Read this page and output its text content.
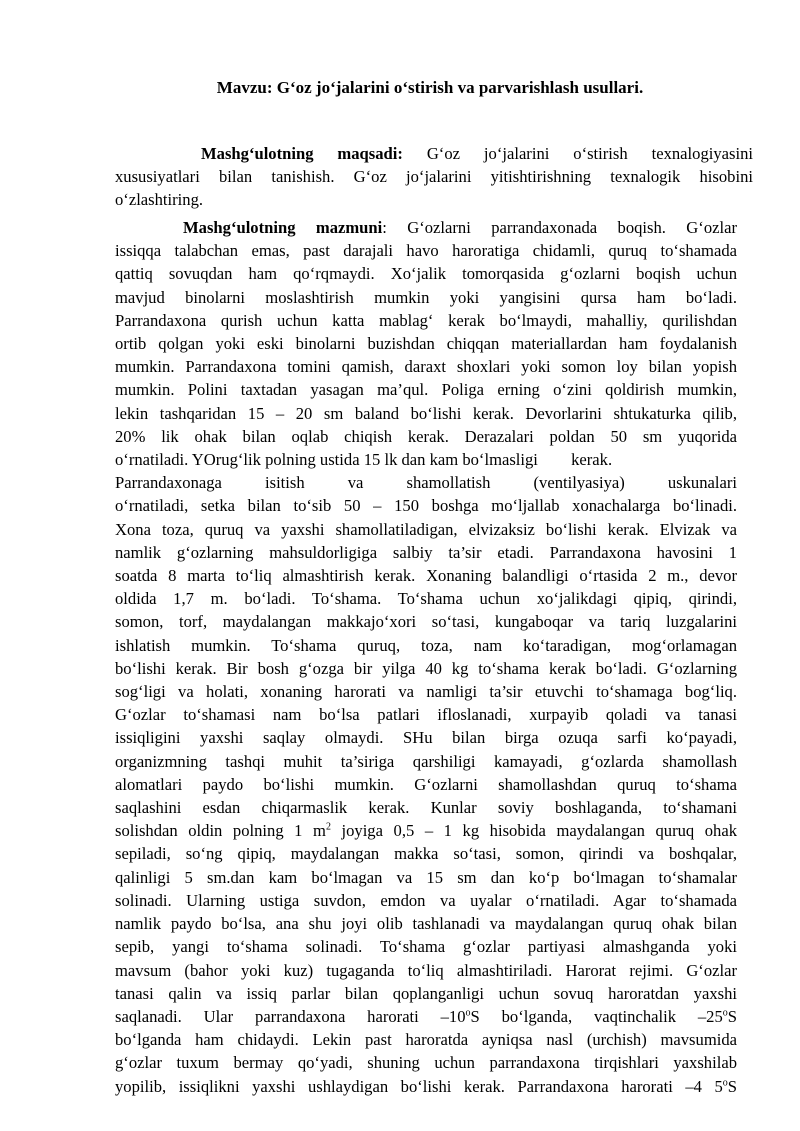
Mavzu: G‘oz jo‘jalarini o‘stirish va parvarishlash usullari.
Mashg‘ulotning maqsadi: G‘oz jo‘jalarini o‘stirish texnalogiyasini
xususiyatlari bilan tanishish. G‘oz jo‘jalarini yitishtirishning texnalogik hisobini
o‘zlashtiring.
Mashg‘ulotning mazmuni: G‘ozlarni parrandaxonada boqish. G‘ozlar
issiqqa talabchan emas, past darajali havo haroratiga chidamli, quruq to‘shamada
qattiq sovuqdan ham qo‘rqmaydi. Xo‘jalik tomorqasida g‘ozlarni boqish uchun
mavjud binolarni moslashtirish mumkin yoki yangisini qursa ham bo‘ladi.
Parrandaxona qurish uchun katta mablag‘ kerak bo‘lmaydi, mahalliy, qurilishdan
ortib qolgan yoki eski binolarni buzishdan chiqqan materiallardan ham foydalanish
mumkin. Parrandaxona tomini qamish, daraxt shoxlari yoki somon loy bilan yopish
mumkin. Polini taxtadan yasagan ma’qul. Poliga erning o‘zini qoldirish mumkin,
lekin tashqaridan 15 – 20 sm baland bo‘lishi kerak. Devorlarini shtukaturka qilib,
20% lik ohak bilan oqlab chiqish kerak. Derazalari poldan 50 sm yuqorida
o‘rnatiladi. YOrug‘lik polning ustida 15 lk dan kam bo‘lmasligi        kerak.
Parrandaxonaga isitish va shamollatish (ventilyasiya) uskunalari
o‘rnatiladi, setka bilan to‘sib 50 – 150 boshga mo‘ljallab xonachalarga bo‘linadi.
Xona toza, quruq va yaxshi shamollatiladigan, elvizaksiz bo‘lishi kerak. Elvizak va
namlik g‘ozlarning mahsuldorligiga salbiy ta’sir etadi. Parrandaxona havosini 1
soatda 8 marta to‘liq almashtirish kerak. Xonaning balandligi o‘rtasida 2 m., devor
oldida 1,7 m. bo‘ladi. To‘shama. To‘shama uchun xo‘jalikdagi qipiq, qirindi,
somon, torf, maydalangan makkajo‘xori so‘tasi, kungaboqar va tariq luzgalarini
ishlatish mumkin. To‘shama quruq, toza, nam ko‘taradigan, mog‘orlamagan
bo‘lishi kerak. Bir bosh g‘ozga bir yilga 40 kg to‘shama kerak bo‘ladi. G‘ozlarning
sog‘ligi va holati, xonaning harorati va namligi ta’sir etuvchi to‘shamaga bog‘liq.
G‘ozlar to‘shamasi nam bo‘lsa patlari ifloslanadi, xurpayib qoladi va tanasi
issiqligini yaxshi saqlay olmaydi. SHu bilan birga ozuqa sarfi ko‘payadi,
organizmning tashqi muhit ta’siriga qarshiligi kamayadi, g‘ozlarda shamollash
alomatlari paydo bo‘lishi mumkin. G‘ozlarni shamollashdan quruq to‘shama
saqlashini esdan chiqarmaslik kerak. Kunlar soviy boshlaganda, to‘shamani
solishdan oldin polning 1 $m^2$ joyiga 0,5 – 1 kg hisobida maydalangan quruq ohak
sepiladi, so‘ng qipiq, maydalangan makka so‘tasi, somon, qirindi va boshqalar,
qalinligi 5 sm.dan kam bo‘lmagan va 15 sm dan ko‘p bo‘lmagan to‘shamalar
solinadi. Ularning ustiga suvdon, emdon va uyalar o‘rnatiladi. Agar to‘shamada
namlik paydo bo‘lsa, ana shu joyi olib tashlanadi va maydalangan quruq ohak bilan
sepib, yangi to‘shama solinadi. To‘shama g‘ozlar partiyasi almashganda yoki
mavsum (bahor yoki kuz) tugaganda to‘liq almashtiriladi. Harorat rejimi. G‘ozlar
tanasi qalin va issiq parlar bilan qoplanganligi uchun sovuq haroratdan yaxshi
saqlanadi. Ular parrandaxona harorati –10$^o$S bo‘lganda, vaqtinchalik –25$^o$S
bo‘lganda ham chidaydi. Lekin past haroratda ayniqsa nasl (urchish) mavsumida
g‘ozlar tuxum bermay qo‘yadi, shuning uchun parrandaxona tirqishlari yaxshilab
yopilib, issiqlikni yaxshi ushlaydigan bo‘lishi kerak. Parrandaxona harorati –4 5$^o$S
